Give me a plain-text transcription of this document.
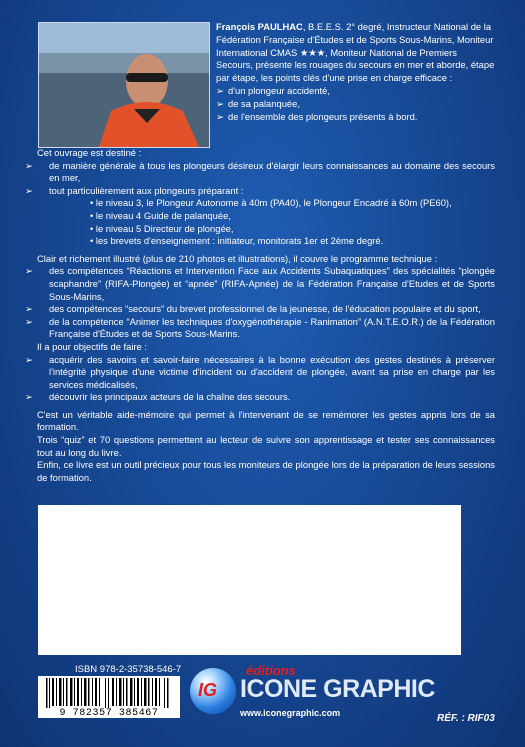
François PAULHAC, B.E.E.S. 2° degré, Instructeur National de la Fédération Française d'Études et de Sports Sous-Marins, Moniteur International CMAS ★★★, Moniteur National de Premiers Secours, présente les rouages du secours en mer et aborde, étape par étape, les points clés d'une prise en charge efficace :
➢ d'un plongeur accidenté,
➢ de sa palanquée,
➢ de l'ensemble des plongeurs présents à bord.

Cet ouvrage est destiné :

➢ de manière générale à tous les plongeurs désireux d'élargir leurs connaissances au domaine des secours en mer,

➢ tout particulièrement aux plongeurs préparant :

• le niveau 3, le Plongeur Autonome à 40m (PA40), le Plongeur Encadré à 60m (PE60),

• le niveau 4 Guide de palanquée,

• le niveau 5 Directeur de plongée,

• les brevets d'enseignement : initiateur, monitorats 1er et 2ème degré.

Clair et richement illustré (plus de 210 photos et illustrations), il couvre le programme technique :

➢ des compétences “Réactions et Intervention Face aux Accidents Subaquatiques” des spécialités “plongée scaphandre” (RIFA-Plongée) et “apnée” (RIFA-Apnée) de la Fédération Française d'Etudes et de Sports Sous-Marins,

➢ des compétences “secours” du brevet professionnel de la jeunesse, de l'éducation populaire et du sport,

➢ de la compétence “Animer les techniques d'oxygénothérapie - Ranimation” (A.N.T.E.O.R.) de la Fédération Française d'Études et de Sports Sous-Marins.

Il a pour objectifs de faire :

➢ acquérir des savoirs et savoir-faire nécessaires à la bonne exécution des gestes destinés à préserver l'intégrité physique d'une victime d'incident ou d'accident de plongée, avant sa prise en charge par les services médicalisés,

➢ découvrir les principaux acteurs de la chaîne des secours.

C'est un véritable aide-mémoire qui permet à l'intervenant de se remémorer les gestes appris lors de sa formation.

Trois “quiz” et 70 questions permettent au lecteur de suivre son apprentissage et tester ses connaissances tout au long du livre.

Enfin, ce livre est un outil précieux pour tous les moniteurs de plongée lors de la préparation de leurs sessions de formation.

ISBN 978-2-35738-546-7
9 782357 385467
IG
éditions
ICONE GRAPHIC
www.iconegraphic.com	RÉF. : RIF03
